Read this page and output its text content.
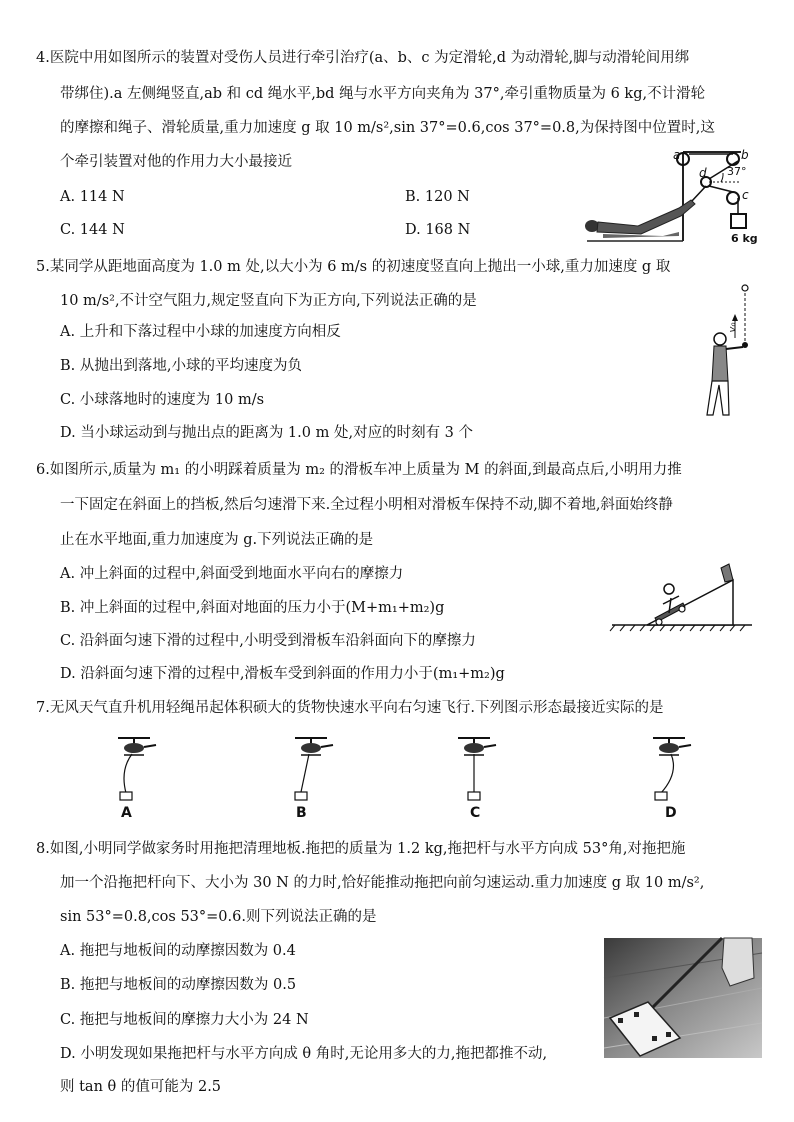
4.医院中用如图所示的装置对受伤人员进行牵引治疗(a、b、c 为定滑轮,d 为动滑轮,脚与动滑轮间用绑
带绑住).a 左侧绳竖直,ab 和 cd 绳水平,bd 绳与水平方向夹角为 37°,牵引重物质量为 6 kg,不计滑轮
的摩擦和绳子、滑轮质量,重力加速度 g 取 10 m/s²,sin 37°=0.6,cos 37°=0.8,为保持图中位置时,这
个牵引装置对他的作用力大小最接近
A. 114 N	B. 120 N
C. 144 N	D. 168 N
a	b
c
d 37°
6 kg
5.某同学从距地面高度为 1.0 m 处,以大小为 6 m/s 的初速度竖直向上抛出一小球,重力加速度 g 取
10 m/s²,不计空气阻力,规定竖直向下为正方向,下列说法正确的是
A. 上升和下落过程中小球的加速度方向相反
B. 从抛出到落地,小球的平均速度为负
C. 小球落地时的速度为 10 m/s
D. 当小球运动到与抛出点的距离为 1.0 m 处,对应的时刻有 3 个
v₀
6.如图所示,质量为 m₁ 的小明踩着质量为 m₂ 的滑板车冲上质量为 M 的斜面,到最高点后,小明用力推
一下固定在斜面上的挡板,然后匀速滑下来.全过程小明相对滑板车保持不动,脚不着地,斜面始终静
止在水平地面,重力加速度为 g.下列说法正确的是
A. 冲上斜面的过程中,斜面受到地面水平向右的摩擦力
B. 冲上斜面的过程中,斜面对地面的压力小于(M+m₁+m₂)g
C. 沿斜面匀速下滑的过程中,小明受到滑板车沿斜面向下的摩擦力
D. 沿斜面匀速下滑的过程中,滑板车受到斜面的作用力小于(m₁+m₂)g
7.无风天气直升机用轻绳吊起体积硕大的货物快速水平向右匀速飞行.下列图示形态最接近实际的是
A	B	C	D
8.如图,小明同学做家务时用拖把清理地板.拖把的质量为 1.2 kg,拖把杆与水平方向成 53°角,对拖把施
加一个沿拖把杆向下、大小为 30 N 的力时,恰好能推动拖把向前匀速运动.重力加速度 g 取 10 m/s²,
sin 53°=0.8,cos 53°=0.6.则下列说法正确的是
A. 拖把与地板间的动摩擦因数为 0.4
B. 拖把与地板间的动摩擦因数为 0.5
C. 拖把与地板间的摩擦力大小为 24 N
D. 小明发现如果拖把杆与水平方向成 θ 角时,无论用多大的力,拖把都推不动,
则 tan θ 的值可能为 2.5
